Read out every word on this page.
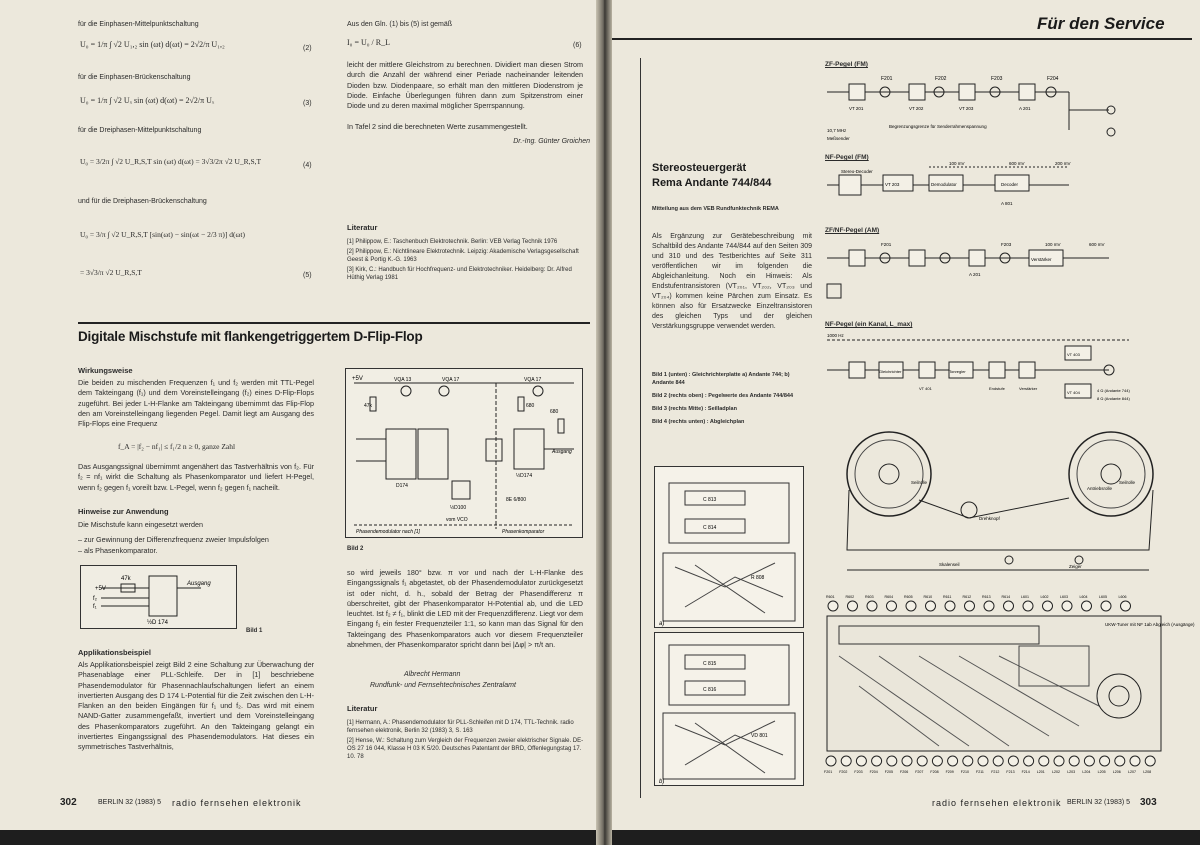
für die Einphasen-Mittelpunktschaltung
U₀ = 1/π ∫ √2 U₁,₂ sin (ωt) d(ωt) = 2√2/π U₁,₂	(2)
für die Einphasen-Brückenschaltung
U₀ = 1/π ∫ √2 Uₓ sin (ωt) d(ωt) = 2√2/π Uₓ	(3)
für die Dreiphasen-Mittelpunktschaltung
U₀ = 3/2π ∫ √2 U_R,S,T sin (ωt) d(ωt) = 3√3/2π √2 U_R,S,T	(4)
und für die Dreiphasen-Brückenschaltung
U₀ = 3/π ∫ √2 U_R,S,T [sin(ωt) − sin(ωt − 2/3 π)] d(ωt)
= 3√3/π √2 U_R,S,T	(5)
Aus den Gln. (1) bis (5) ist gemäß
I₀ = U₀ / R_L	(6)
leicht der mittlere Gleichstrom zu berechnen. Dividiert man diesen Strom durch die Anzahl der während einer Periade nacheinander leitenden Dioden bzw. Diodenpaare, so erhält man den mittleren Diodenstrom je Diode. Einfache Überlegungen führen dann zum Spitzenstrom einer Diode und zu deren maximal möglicher Sperrspannung.
In Tafel 2 sind die berechneten Werte zusammengestellt.
Dr.-Ing. Günter Groichen
Literatur
[1] Philippow, E.: Taschenbuch Elektrotechnik. Berlin: VEB Verlag Technik 1976
[2] Philippow, E.: Nichtlineare Elektrotechnik. Leipzig: Akademische Verlagsgesellschaft Geest & Portig K.-G. 1963
[3] Kirk, C.: Handbuch für Hochfrequenz- und Elektrotechniker. Heidelberg: Dr. Alfred Hüthig Verlag 1981
Digitale Mischstufe mit flankengetriggertem D-Flip-Flop
Wirkungsweise
Die beiden zu mischenden Frequenzen f₁ und f₂ werden mit TTL-Pegel dem Takteingang (f₁) und dem Voreinstelleingang (f₂) eines D-Flip-Flops zugeführt. Bei jeder L-H-Flanke am Takteingang übernimmt das Flip-Flop den am Voreinstelleingang liegenden Pegel. Damit liegt am Ausgang des Flip-Flops eine Frequenz
f_A = |f₂ − nf₁| ≤ f₁/2 n ≥ 0, ganze Zahl
Das Ausgangssignal übernimmt angenähert das Tastverhältnis von f₂. Für f₂ = nf₁ wirkt die Schaltung als Phasenkomparator und liefert H-Pegel, wenn f₂ gegen f₁ voreilt bzw. L-Pegel, wenn f₂ gegen f₁ nacheilt.
Hinweise zur Anwendung
Die Mischstufe kann eingesetzt werden
– zur Gewinnung der Differenzfrequenz zweier Impulsfolgen
– als Phasenkomparator.
+5V
47k
Ausgang
f₂
f₁
½D 174
Bild 1
Applikationsbeispiel
Als Applikationsbeispiel zeigt Bild 2 eine Schaltung zur Überwachung der Phasenablage einer PLL-Schleife. Der in [1] beschriebene Phasendemodulator für Phasennachlaufschaltungen liefert an einem invertierten Ausgang des D 174 L-Potential für die Zeit zwischen den L-H-Flanken an den beiden Eingängen für f₁ und f₂. Das wird mit einem NAND-Gatter zusammengefaßt, invertiert und dem Voreinstelleingang des Phasenkomparators zugeführt. An den Takteingang gelangt ein invertiertes Eingangssignal des Phasendemodulators. Hat dieses ein symmetrisches Tastverhältnis,
+5V	VQA 13	VQA 17	VQA 17
D174
½D100
½D174
8E 6/800
Ausgang
47k	680
680
vom VCO
Phasendemodulator nach [1]	Phasenkomparator
Bild 2
so wird jeweils 180° bzw. π vor und nach der L-H-Flanke des Eingangssignals f₁ abgetastet, ob der Phasendemodulator zurückgesetzt ist oder nicht, d. h., sobald der Betrag der Phasendifferenz π überschreitet, gibt der Phasenkomparator H-Potential ab, und die LED leuchtet. Ist f₂ ≠ f₁, blinkt die LED mit der Frequenzdifferenz. Liegt vor dem Eingang f₁ ein fester Frequenzteiler 1:1, so kann man das Signal für den Takteingang des Phasenkomparators auch vor diesem Frequenzteiler abnehmen, der Phasenkomparator spricht dann bei |Δφ| > π/t an.
Albrecht Hermann
Rundfunk- und Fernsehtechnisches Zentralamt
Literatur
[1] Hermann, A.: Phasendemodulator für PLL-Schleifen mit D 174, TTL-Technik. radio fernsehen elektronik, Berlin 32 (1983) 3, S. 163
[2] Hense, W.: Schaltung zum Vergleich der Frequenzen zweier elektrischer Signale. DE-OS 27 16 044, Klasse H 03 K 5/20. Deutsches Patentamt der BRD, Offenlegungstag 17. 10. 78
302	BERLIN 32 (1983) 5 radio fernsehen elektronik
Für den Service
Stereosteuergerät
Rema Andante 744/844
Mitteilung aus dem VEB Rundfunktechnik REMA
Als Ergänzung zur Gerätebeschreibung mit Schaltbild des Andante 744/844 auf den Seiten 309 und 310 und des Testberichtes auf Seite 311 veröffentlichen wir im folgenden die Abgleichanleitung. Noch ein Hinweis: Als Endstufentransistoren (VT₂₀₁, VT₂₀₂, VT₂₀₃ und VT₂₀₄) kommen keine Pärchen zum Einsatz. Es können also für Ersatzwecke Einzeltransistoren des gleichen Typs und der gleichen Verstärkungsgruppe verwendet werden.
Bild 1 (unten) : Gleichrichterplatte a) Andante 744; b) Andante 844
Bild 2 (rechts oben) : Pegelwerte des Andante 744/844
Bild 3 (rechts Mitte) : Seilladplan
Bild 4 (rechts unten) : Abgleichplan
C 813
C 814
R 808
a)
C 815
C 816
VD 801
b)
ZF-Pegel (FM)
F201	F202	F203	F204
VT 201	VT 202	VT 203	A 201
10,7 MHz
Meßsender
Begrenzungsgrenze für Senderrahmenspannung
NF-Pegel (FM)
Stereo-Decoder
VT 203	Demodulator	Decoder
A 801
100 mV	600 mV	200 mV
ZF/NF-Pegel (AM)
F201	F203
A 201
Verstärker
100 mV	600 mV
NF-Pegel (ein Kanal, L_max)
1000 Hz
Gleichrichter	Tonregler
Verstärker
VT 401
VT 403
VT 404
Endstufe	4 Ω (Andante 744)
8 Ω (Andante 844)
Seilrolle
Antriebsrolle
Drehknopf
Skalenseil	Zeiger
Seilrolle
R601	R602	R603	R604	R605	R610	R611	R612	R613	R614	L601	L602	L603	L604	L605	L606
F201 F202 F203 F204 F205 F206 F207 F208 F209 F210 F211 F212 F213 F214 L201 L202 L203 L204 L205 L206 L207 L208
UKW-Tuner mit NF 1ab Abgleich (Ausgänge)
radio fernsehen elektronik BERLIN 32 (1983) 5 303
